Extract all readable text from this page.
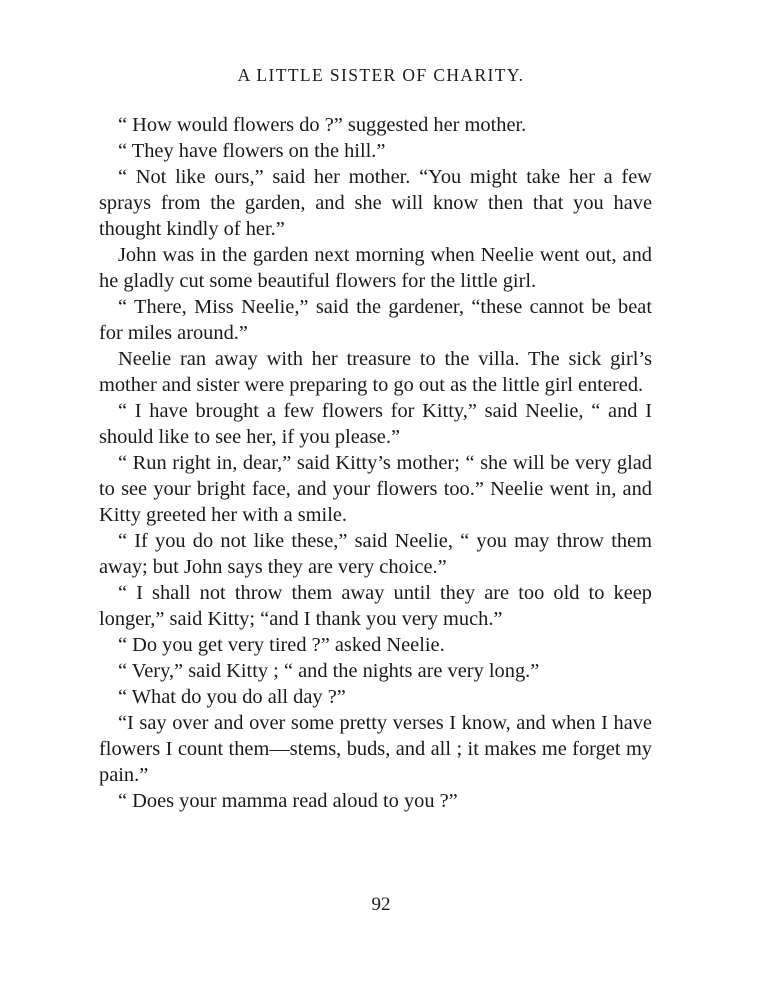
A LITTLE SISTER OF CHARITY.

“ How would flowers do ?” suggested her mother.

“ They have flowers on the hill.”

“ Not like ours,” said her mother. “You might take her a few sprays from the garden, and she will know then that you have thought kindly of her.”

John was in the garden next morning when Neelie went out, and he gladly cut some beautiful flowers for the little girl.

“ There, Miss Neelie,” said the gardener, “these cannot be beat for miles around.”

Neelie ran away with her treasure to the villa. The sick girl’s mother and sister were preparing to go out as the little girl entered.

“ I have brought a few flowers for Kitty,” said Neelie, “ and I should like to see her, if you please.”

“ Run right in, dear,” said Kitty’s mother; “ she will be very glad to see your bright face, and your flowers too.” Neelie went in, and Kitty greeted her with a smile.

“ If you do not like these,” said Neelie, “ you may throw them away; but John says they are very choice.”

“ I shall not throw them away until they are too old to keep longer,” said Kitty; “and I thank you very much.”

“ Do you get very tired ?” asked Neelie.

“ Very,” said Kitty ; “ and the nights are very long.”

“ What do you do all day ?”

“I say over and over some pretty verses I know, and when I have flowers I count them—stems, buds, and all ; it makes me forget my pain.”

“ Does your mamma read aloud to you ?”

92
